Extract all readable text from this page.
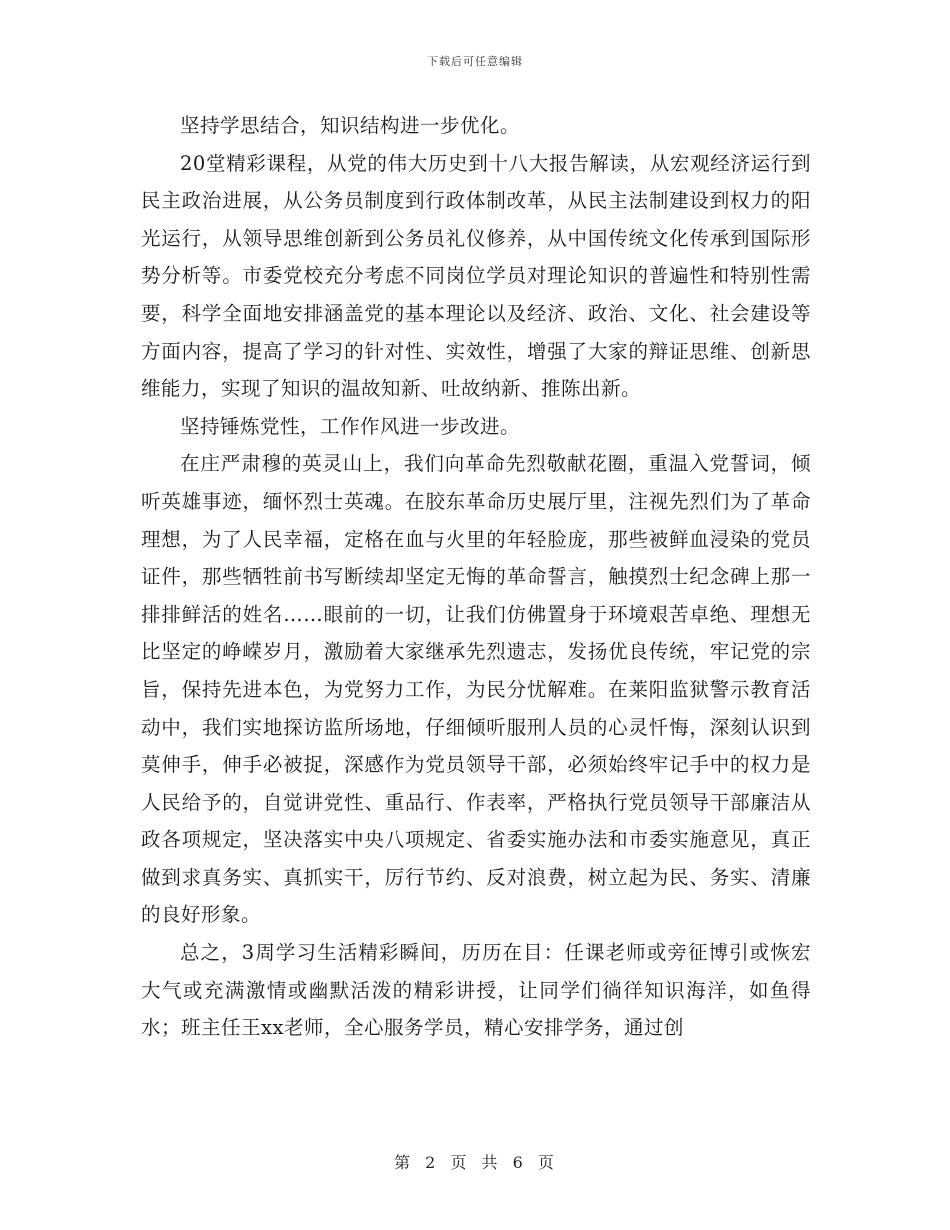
下载后可任意编辑

坚持学思结合，知识结构进一步优化。

20堂精彩课程，从党的伟大历史到十八大报告解读，从宏观经济运行到民主政治进展，从公务员制度到行政体制改革，从民主法制建设到权力的阳光运行，从领导思维创新到公务员礼仪修养，从中国传统文化传承到国际形势分析等。市委党校充分考虑不同岗位学员对理论知识的普遍性和特别性需要，科学全面地安排涵盖党的基本理论以及经济、政治、文化、社会建设等方面内容，提高了学习的针对性、实效性，增强了大家的辩证思维、创新思维能力，实现了知识的温故知新、吐故纳新、推陈出新。

坚持锤炼党性，工作作风进一步改进。

在庄严肃穆的英灵山上，我们向革命先烈敬献花圈，重温入党誓词，倾听英雄事迹，缅怀烈士英魂。在胶东革命历史展厅里，注视先烈们为了革命理想，为了人民幸福，定格在血与火里的年轻脸庞，那些被鲜血浸染的党员证件，那些牺牲前书写断续却坚定无悔的革命誓言，触摸烈士纪念碑上那一排排鲜活的姓名……眼前的一切，让我们仿佛置身于环境艰苦卓绝、理想无比坚定的峥嵘岁月，激励着大家继承先烈遗志，发扬优良传统，牢记党的宗旨，保持先进本色，为党努力工作，为民分忧解难。在莱阳监狱警示教育活动中，我们实地探访监所场地，仔细倾听服刑人员的心灵忏悔，深刻认识到莫伸手，伸手必被捉，深感作为党员领导干部，必须始终牢记手中的权力是人民给予的，自觉讲党性、重品行、作表率，严格执行党员领导干部廉洁从政各项规定，坚决落实中央八项规定、省委实施办法和市委实施意见，真正做到求真务实、真抓实干，厉行节约、反对浪费，树立起为民、务实、清廉的良好形象。

总之，3周学习生活精彩瞬间，历历在目：任课老师或旁征博引或恢宏大气或充满激情或幽默活泼的精彩讲授，让同学们徜徉知识海洋，如鱼得水；班主任王xx老师，全心服务学员，精心安排学务，通过创

第 2 页 共 6 页
